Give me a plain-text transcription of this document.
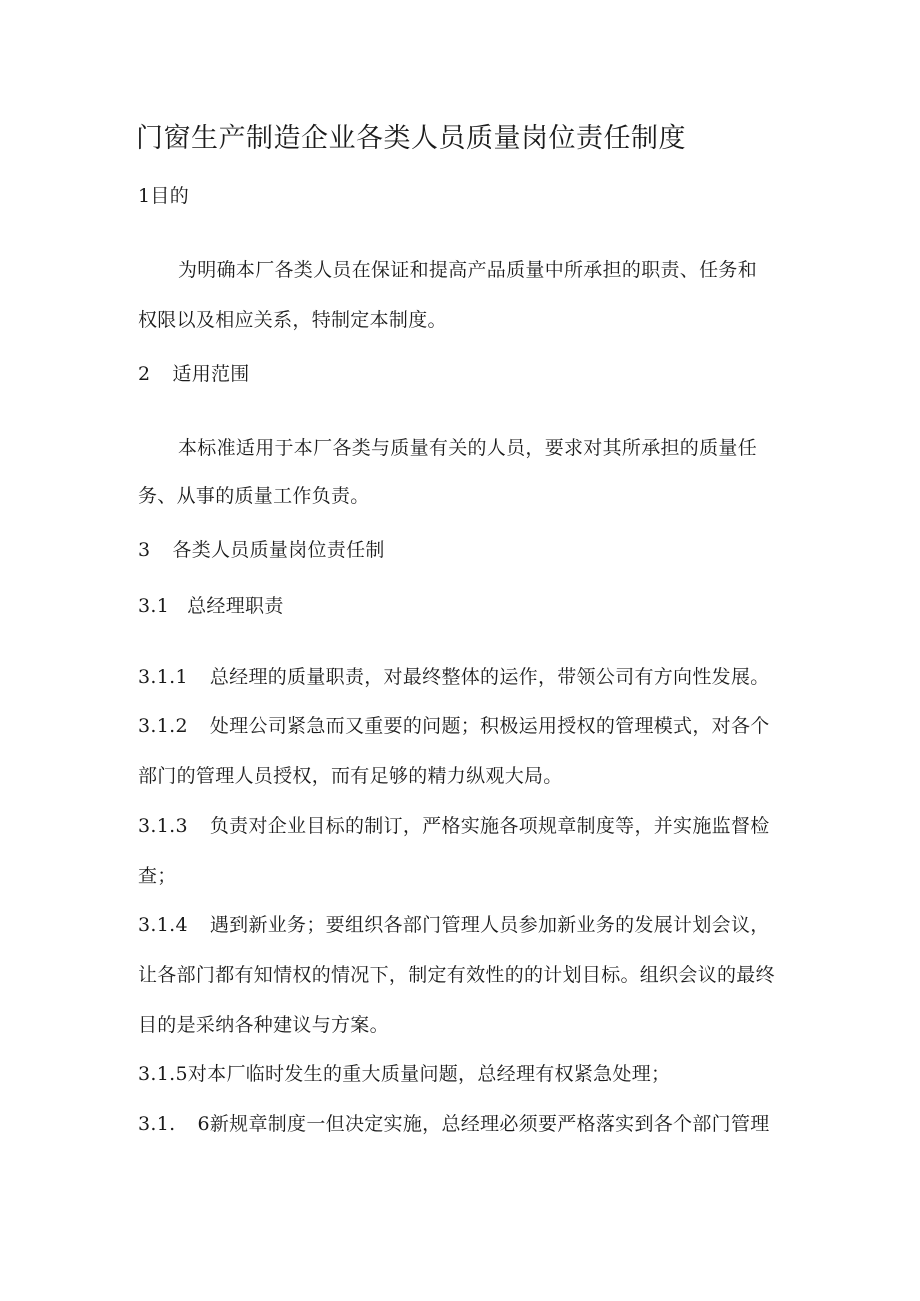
门窗生产制造企业各类人员质量岗位责任制度
1目的
为明确本厂各类人员在保证和提高产品质量中所承担的职责、任务和
权限以及相应关系，特制定本制度。
2 适用范围
本标准适用于本厂各类与质量有关的人员，要求对其所承担的质量任
务、从事的质量工作负责。
3 各类人员质量岗位责任制
3.1 总经理职责
3.1.1 总经理的质量职责，对最终整体的运作，带领公司有方向性发展。
3.1.2 处理公司紧急而又重要的问题；积极运用授权的管理模式，对各个
部门的管理人员授权，而有足够的精力纵观大局。
3.1.3 负责对企业目标的制订，严格实施各项规章制度等，并实施监督检
查；
3.1.4 遇到新业务；要组织各部门管理人员参加新业务的发展计划会议，
让各部门都有知情权的情况下，制定有效性的的计划目标。组织会议的最终
目的是采纳各种建议与方案。
3.1.5对本厂临时发生的重大质量问题，总经理有权紧急处理；
3.1. 6新规章制度一但决定实施，总经理必须要严格落实到各个部门管理
